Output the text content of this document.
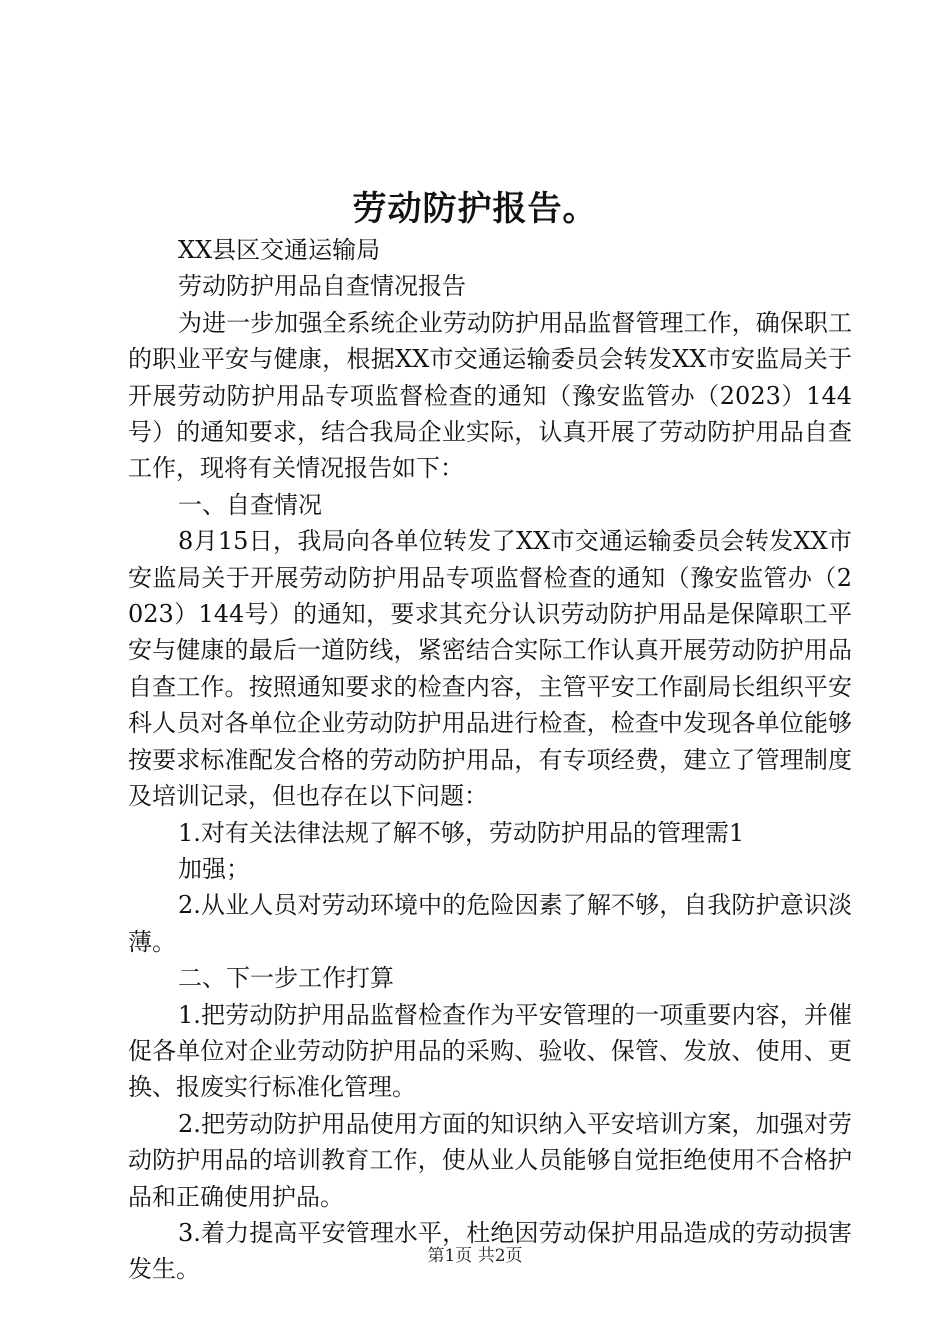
劳动防护报告。

XX县区交通运输局

劳动防护用品自查情况报告

为进一步加强全系统企业劳动防护用品监督管理工作，确保职工的职业平安与健康，根据XX市交通运输委员会转发XX市安监局关于开展劳动防护用品专项监督检查的通知（豫安监管办（2023）144号）的通知要求，结合我局企业实际，认真开展了劳动防护用品自查工作，现将有关情况报告如下：

一、自查情况

8月15日，我局向各单位转发了XX市交通运输委员会转发XX市安监局关于开展劳动防护用品专项监督检查的通知（豫安监管办（2023）144号）的通知，要求其充分认识劳动防护用品是保障职工平安与健康的最后一道防线，紧密结合实际工作认真开展劳动防护用品自查工作。按照通知要求的检查内容，主管平安工作副局长组织平安科人员对各单位企业劳动防护用品进行检查，检查中发现各单位能够按要求标准配发合格的劳动防护用品，有专项经费，建立了管理制度及培训记录，但也存在以下问题：

1.对有关法律法规了解不够，劳动防护用品的管理需1

加强；

2.从业人员对劳动环境中的危险因素了解不够，自我防护意识淡薄。

二、下一步工作打算

1.把劳动防护用品监督检查作为平安管理的一项重要内容，并催促各单位对企业劳动防护用品的采购、验收、保管、发放、使用、更换、报废实行标准化管理。

2.把劳动防护用品使用方面的知识纳入平安培训方案，加强对劳动防护用品的培训教育工作，使从业人员能够自觉拒绝使用不合格护品和正确使用护品。

3.着力提高平安管理水平，杜绝因劳动保护用品造成的劳动损害发生。	第1页 共2页
